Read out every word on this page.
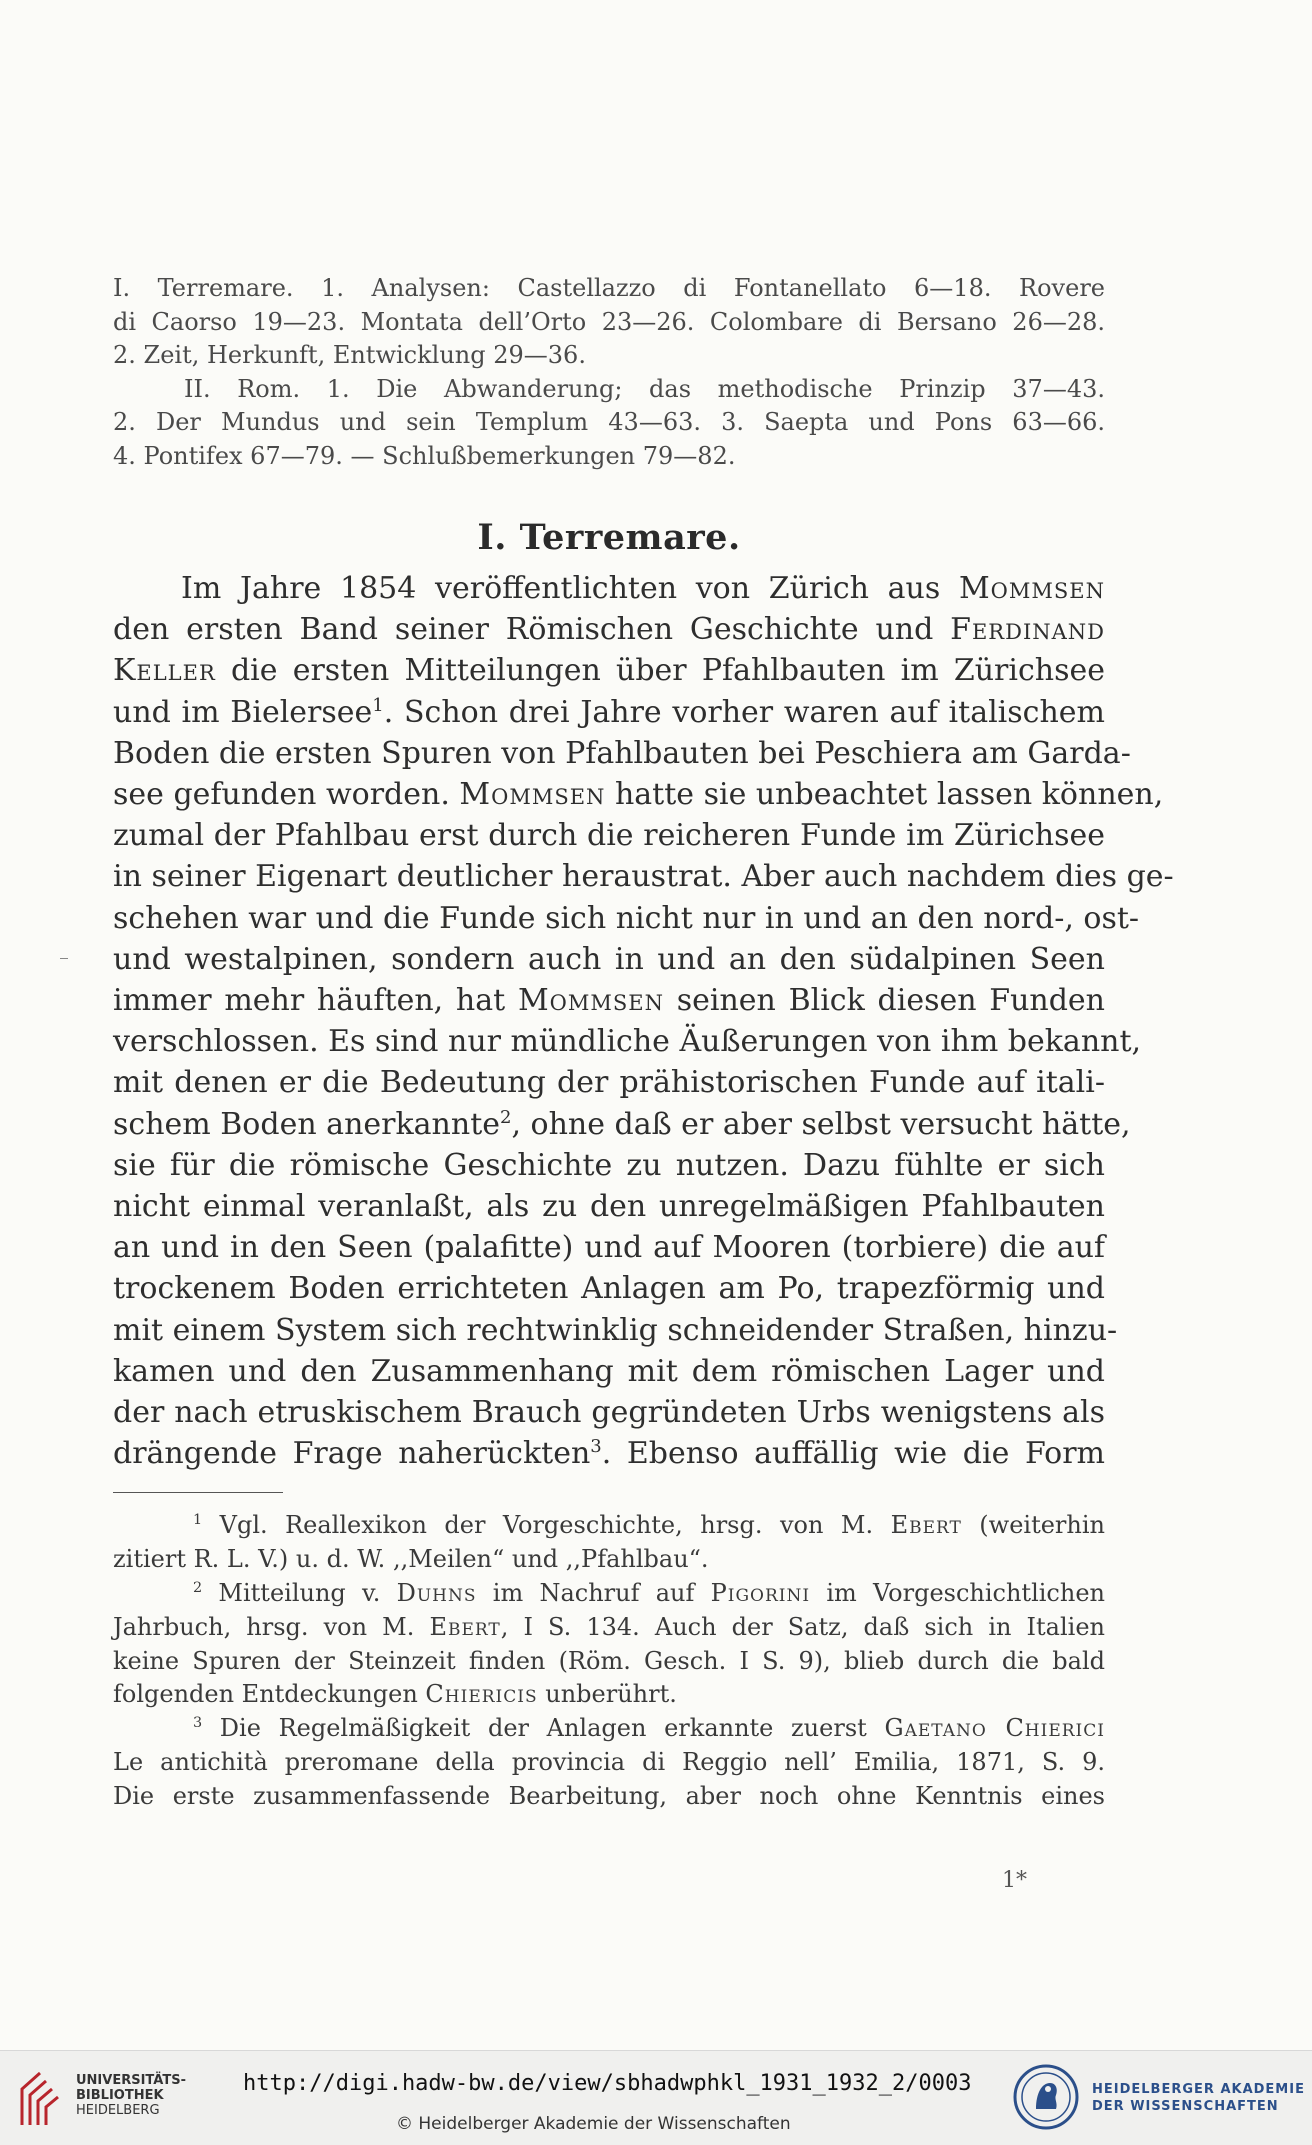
I. Terremare. 1. Analysen: Castellazzo di Fontanellato 6—18. Rovere
di Caorso 19—23. Montata dell’Orto 23—26. Colombare di Bersano 26—28.
2. Zeit, Herkunft, Entwicklung 29—36.
II. Rom. 1. Die Abwanderung; das methodische Prinzip 37—43.
2. Der Mundus und sein Templum 43—63. 3. Saepta und Pons 63—66.
4. Pontifex 67—79. — Schlußbemerkungen 79—82.
I. Terremare.
Im Jahre 1854 veröffentlichten von Zürich aus Mommsen
den ersten Band seiner Römischen Geschichte und Ferdinand
Keller die ersten Mitteilungen über Pfahlbauten im Zürichsee
und im Bielersee$^1$. Schon drei Jahre vorher waren auf italischem
Boden die ersten Spuren von Pfahlbauten bei Peschiera am Garda-
see gefunden worden. Mommsen hatte sie unbeachtet lassen können,
zumal der Pfahlbau erst durch die reicheren Funde im Zürichsee
in seiner Eigenart deutlicher heraustrat. Aber auch nachdem dies ge-
schehen war und die Funde sich nicht nur in und an den nord-, ost-
und westalpinen, sondern auch in und an den südalpinen Seen
immer mehr häuften, hat Mommsen seinen Blick diesen Funden
verschlossen. Es sind nur mündliche Äußerungen von ihm bekannt,
mit denen er die Bedeutung der prähistorischen Funde auf itali-
schem Boden anerkannte$^2$, ohne daß er aber selbst versucht hätte,
sie für die römische Geschichte zu nutzen. Dazu fühlte er sich
nicht einmal veranlaßt, als zu den unregelmäßigen Pfahlbauten
an und in den Seen (palafitte) und auf Mooren (torbiere) die auf
trockenem Boden errichteten Anlagen am Po, trapezförmig und
mit einem System sich rechtwinklig schneidender Straßen, hinzu-
kamen und den Zusammenhang mit dem römischen Lager und
der nach etruskischem Brauch gegründeten Urbs wenigstens als
drängende Frage naherückten$^3$. Ebenso auffällig wie die Form
$^1$ Vgl. Reallexikon der Vorgeschichte, hrsg. von M. Ebert (weiterhin
zitiert R. L. V.) u. d. W. ,,Meilen“ und ,,Pfahlbau“.
$^2$ Mitteilung v. Duhns im Nachruf auf Pigorini im Vorgeschichtlichen
Jahrbuch, hrsg. von M. Ebert, I S. 134. Auch der Satz, daß sich in Italien
keine Spuren der Steinzeit finden (Röm. Gesch. I S. 9), blieb durch die bald
folgenden Entdeckungen Chiericis unberührt.
$^3$ Die Regelmäßigkeit der Anlagen erkannte zuerst Gaetano Chierici
Le antichità preromane della provincia di Reggio nell’ Emilia, 1871, S. 9.
Die erste zusammenfassende Bearbeitung, aber noch ohne Kenntnis eines
1*
UNIVERSITÄTS-
BIBLIOTHEK
HEIDELBERG
http://digi.hadw-bw.de/view/sbhadwphkl_1931_1932_2/0003
© Heidelberger Akademie der Wissenschaften
HEIDELBERGER AKADEMIE
DER WISSENSCHAFTEN
